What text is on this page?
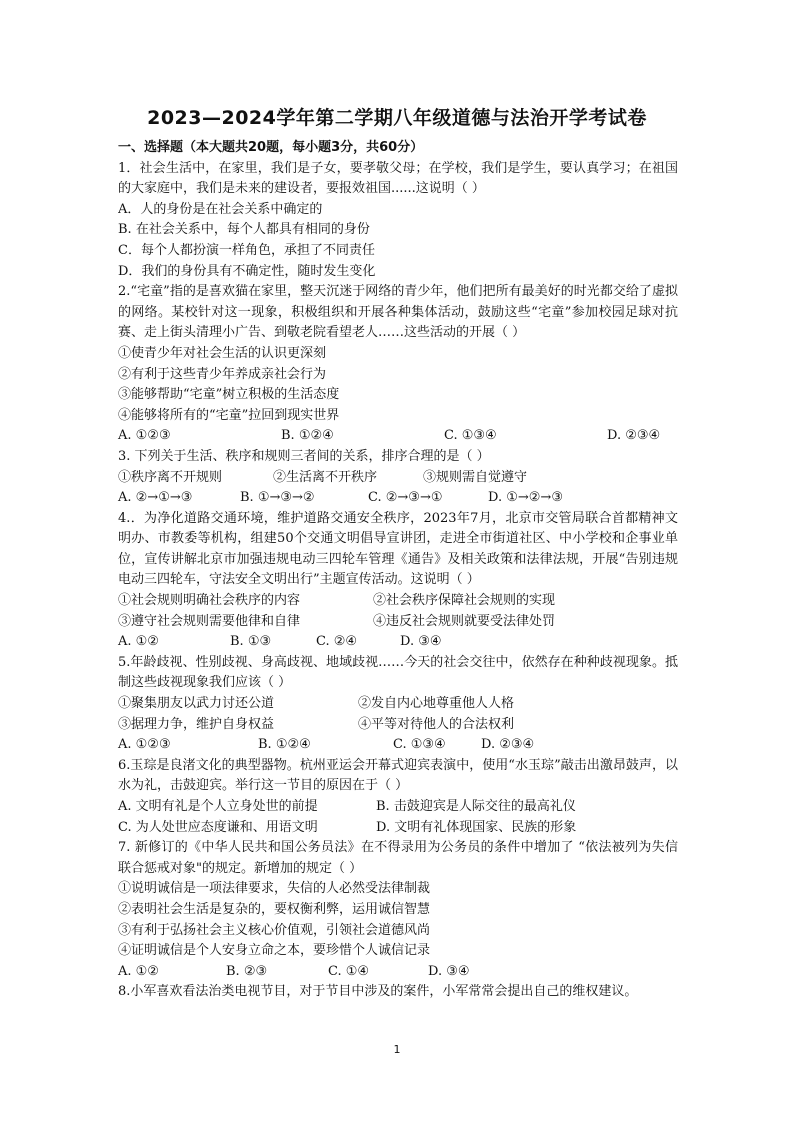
2023—2024学年第二学期八年级道德与法治开学考试卷
一、选择题（本大题共20题，每小题3分，共60分）
1．社会生活中，在家里，我们是子女，要孝敬父母；在学校，我们是学生，要认真学习；在祖国的大家庭中，我们是未来的建设者，要报效祖国......这说明（ ）
A．人的身份是在社会关系中确定的
B. 在社会关系中，每个人都具有相同的身份
C．每个人都扮演一样角色，承担了不同责任
D．我们的身份具有不确定性，随时发生变化
2.“宅童”指的是喜欢猫在家里，整天沉迷于网络的青少年，他们把所有最美好的时光都交给了虚拟的网络。某校针对这一现象，积极组织和开展各种集体活动，鼓励这些“宅童”参加校园足球对抗赛、走上街头清理小广告、到敬老院看望老人……这些活动的开展（ ）
①使青少年对社会生活的认识更深刻
②有利于这些青少年养成亲社会行为
③能够帮助“宅童”树立积极的生活态度
④能够将所有的“宅童”拉回到现实世界
A. ①②③	B. ①②④	C. ①③④	D. ②③④
3. 下列关于生活、秩序和规则三者间的关系，排序合理的是（ ）
①秩序离不开规则	②生活离不开秩序	③规则需自觉遵守
A. ②→①→③	B. ①→③→②	C. ②→③→①	D. ①→②→③
4.．为净化道路交通环境，维护道路交通安全秩序，2023年7月，北京市交管局联合首都精神文明办、市教委等机构，组建50个交通文明倡导宣讲团，走进全市街道社区、中小学校和企事业单位，宣传讲解北京市加强违规电动三四轮车管理《通告》及相关政策和法律法规，开展“告别违规电动三四轮车，守法安全文明出行”主题宣传活动。这说明（ ）
①社会规则明确社会秩序的内容	②社会秩序保障社会规则的实现
③遵守社会规则需要他律和自律	④违反社会规则就要受法律处罚
A. ①②	B. ①③	C. ②④	D. ③④
5.年龄歧视、性别歧视、身高歧视、地域歧视……今天的社会交往中，依然存在种种歧视现象。抵制这些歧视现象我们应该（ ）
①聚集朋友以武力讨还公道	②发自内心地尊重他人人格
③据理力争，维护自身权益	④平等对待他人的合法权利
A. ①②③	B. ①②④	C. ①③④	D. ②③④
6.玉琮是良渚文化的典型器物。杭州亚运会开幕式迎宾表演中，使用“水玉琮”敲击出激昂鼓声，以水为礼，击鼓迎宾。举行这一节目的原因在于（ ）
A. 文明有礼是个人立身处世的前提	B. 击鼓迎宾是人际交往的最高礼仪
C. 为人处世应态度谦和、用语文明	D. 文明有礼体现国家、民族的形象
7. 新修订的《中华人民共和国公务员法》在不得录用为公务员的条件中增加了 “依法被列为失信联合惩戒对象"的规定。新增加的规定（ ）
①说明诚信是一项法律要求，失信的人必然受法律制裁
②表明社会生活是复杂的，要权衡利弊，运用诚信智慧
③有利于弘扬社会主义核心价值观，引领社会道德风尚
④证明诚信是个人安身立命之本，要珍惜个人诚信记录
A. ①②	B. ②③	C. ①④	D. ③④
8.小军喜欢看法治类电视节目，对于节目中涉及的案件，小军常常会提出自己的维权建议。
1
